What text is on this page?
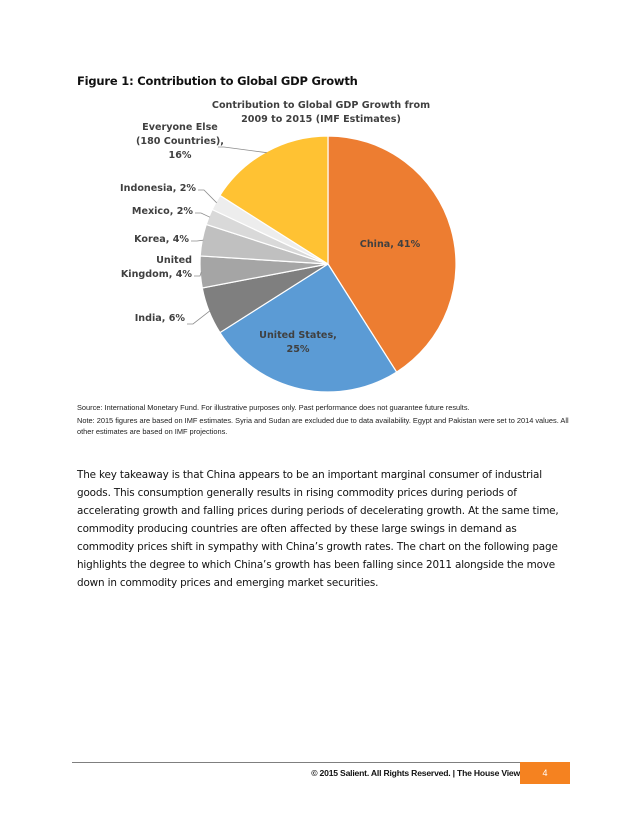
Figure 1: Contribution to Global GDP Growth
Contribution to Global GDP Growth from
2009 to 2015 (IMF Estimates)
China, 41%
United States,
25%
India, 6%
United
Kingdom, 4%
Korea, 4%
Mexico, 2%
Indonesia, 2%
Everyone Else
(180 Countries),
16%
Source: International Monetary Fund. For illustrative purposes only. Past performance does not guarantee future results.
Note: 2015 figures are based on IMF estimates. Syria and Sudan are excluded due to data availability. Egypt and Pakistan were set to 2014 values. All other estimates are based on IMF projections.
The key takeaway is that China appears to be an important marginal consumer of industrial goods. This consumption generally results in rising commodity prices during periods of accelerating growth and falling prices during periods of decelerating growth. At the same time, commodity producing countries are often affected by these large swings in demand as commodity prices shift in sympathy with China’s growth rates. The chart on the following page highlights the degree to which China’s growth has been falling since 2011 alongside the move down in commodity prices and emerging market securities.
© 2015 Salient. All Rights Reserved. | The House View	4
